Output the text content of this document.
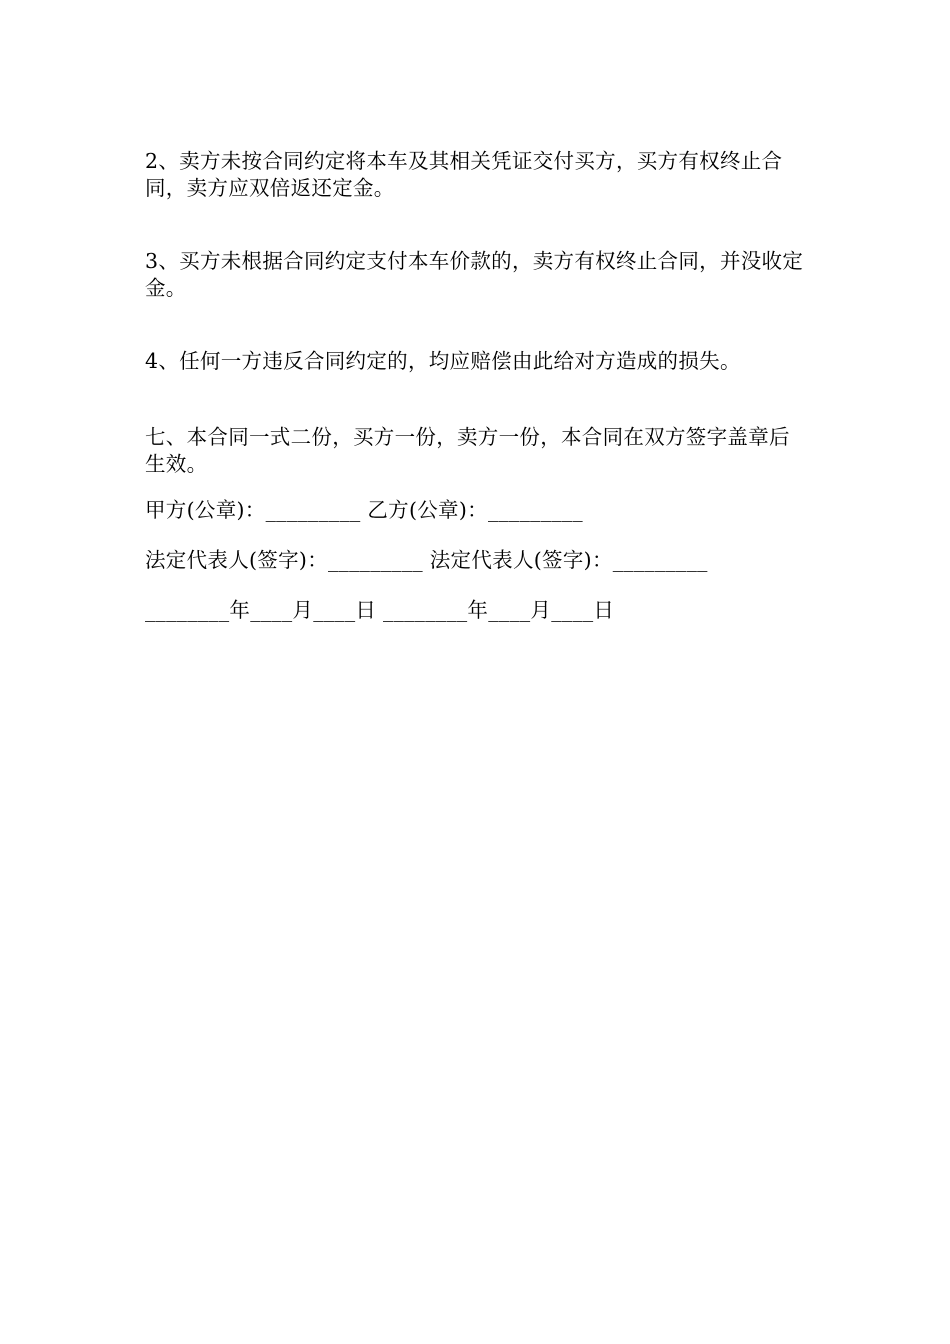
2、卖方未按合同约定将本车及其相关凭证交付买方，买方有权终止合同，卖方应双倍返还定金。
3、买方未根据合同约定支付本车价款的，卖方有权终止合同，并没收定金。
4、任何一方违反合同约定的，均应赔偿由此给对方造成的损失。
七、本合同一式二份，买方一份，卖方一份，本合同在双方签字盖章后生效。
甲方(公章)：_________ 乙方(公章)：_________
法定代表人(签字)：_________ 法定代表人(签字)：_________
________年____月____日 ________年____月____日
